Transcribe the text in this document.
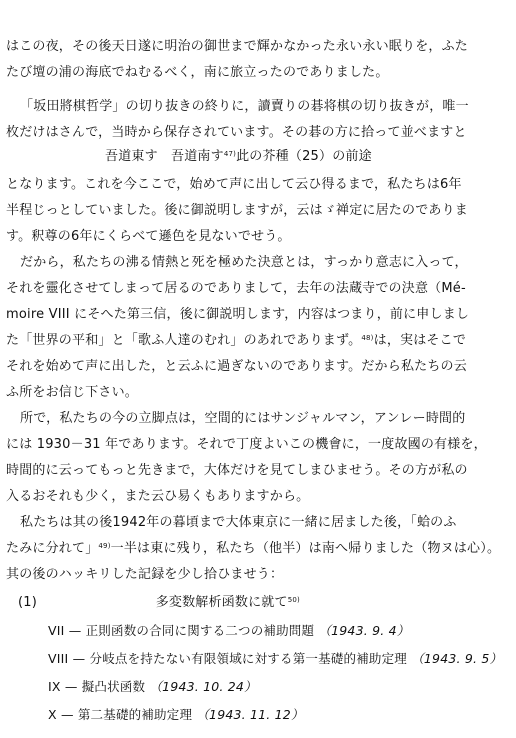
はこの夜，その後天日遂に明治の御世まで輝かなかった永い永い眠りを，ふた
たび壇の浦の海底でねむるべく，南に旅立ったのでありました。
「坂田將棋哲学」の切り抜きの終りに，讀賣りの碁将棋の切り抜きが，唯一
枚だけはさんで，当時から保存されています。その碁の方に拾って並べますと
吾道東す　吾道南す$^{47)}$此の芥種（25）の前途
となります。これを今ここで，始めて声に出して云ひ得るまで，私たちは6年
半程じっとしていました。後に御説明しますが，云はゞ禅定に居たのでありま
す。釈尊の6年にくらべて遜色を見ないでせう。
だから，私たちの沸る情熱と死を極めた決意とは，すっかり意志に入って，
それを靈化させてしまって居るのでありまして，去年の法蔵寺での決意（Mé-
moire VIII にそへた第三信，後に御説明します，内容はつまり，前に申しまし
た「世界の平和」と「歌ふ人達のむれ」のあれでありまず。$^{48)}$は，実はそこで
それを始めて声に出した，と云ふに過ぎないのであります。だから私たちの云
ふ所をお信じ下さい。
所で，私たちの今の立脚点は，空間的にはサンジャルマン，アンレー時間的
には 1930－31 年であります。それで丁度よいこの機會に，一度故國の有様を，
時間的に云ってもっと先きまで，大体だけを見てしまひませう。その方が私の
入るおそれも少く，また云ひ易くもありますから。
私たちは其の後1942年の暮頃まで大体東京に一緒に居ました後，「蛤のふ
たみに分れて」$^{49)}$一半は東に残り，私たち（他半）は南へ帰りました（物ヌは心）。
其の後のハッキリした記録を少し拾ひませう：
(1)	多変数解析函数に就て$^{50)}$
VII — 正則函数の合同に関する二つの補助問題 （1943. 9. 4）
VIII — 分岐点を持たない有限領域に対する第一基礎的補助定理 （1943. 9. 5）
IX — 擬凸状函数 （1943. 10. 24）
X — 第二基礎的補助定理 （1943. 11. 12）
